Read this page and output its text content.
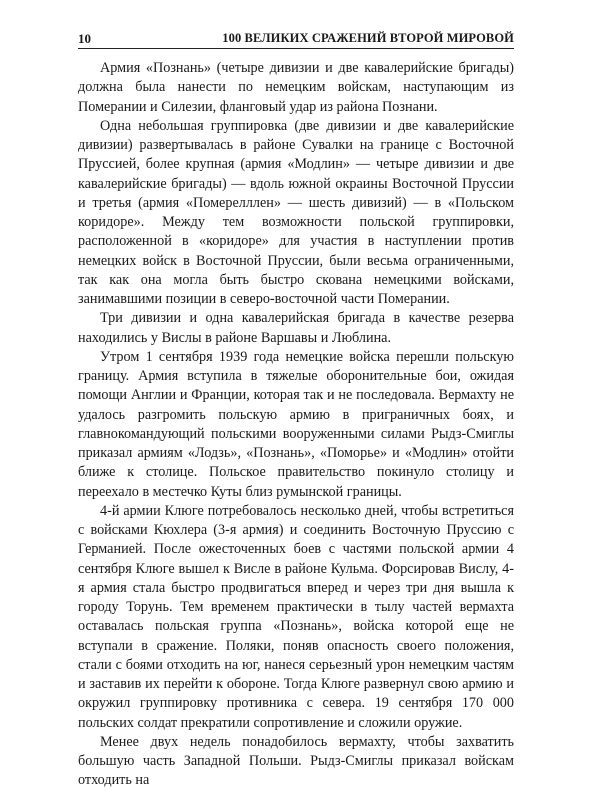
10	100 ВЕЛИКИХ СРАЖЕНИЙ ВТОРОЙ МИРОВОЙ

Армия «Познань» (четыре дивизии и две кавалерийские бригады) должна была нанести по немецким войскам, наступающим из Померании и Силезии, фланговый удар из района Познани.

Одна небольшая группировка (две дивизии и две кавалерийские дивизии) развертывалась в районе Сувалки на границе с Восточной Пруссией, более крупная (армия «Модлин» — четыре дивизии и две кавалерийские бригады) — вдоль южной окраины Восточной Пруссии и третья (армия «Померелллен» — шесть дивизий) — в «Польском коридоре». Между тем возможности польской группировки, расположенной в «коридоре» для участия в наступлении против немецких войск в Восточной Пруссии, были весьма ограниченными, так как она могла быть быстро скована немецкими войсками, занимавшими позиции в северо-восточной части Померании.

Три дивизии и одна кавалерийская бригада в качестве резерва находились у Вислы в районе Варшавы и Люблина.

Утром 1 сентября 1939 года немецкие войска перешли польскую границу. Армия вступила в тяжелые оборонительные бои, ожидая помощи Англии и Франции, которая так и не последовала. Вермахту не удалось разгромить польскую армию в приграничных боях, и главнокомандующий польскими вооруженными силами Рыдз-Смиглы приказал армиям «Лодзь», «Познань», «Поморье» и «Модлин» отойти ближе к столице. Польское правительство покинуло столицу и переехало в местечко Куты близ румынской границы.

4-й армии Клюге потребовалось несколько дней, чтобы встретиться с войсками Кюхлера (3-я армия) и соединить Восточную Пруссию с Германией. После ожесточенных боев с частями польской армии 4 сентября Клюге вышел к Висле в районе Кульма. Форсировав Вислу, 4-я армия стала быстро продвигаться вперед и через три дня вышла к городу Торунь. Тем временем практически в тылу частей вермахта оставалась польская группа «Познань», войска которой еще не вступали в сражение. Поляки, поняв опасность своего положения, стали с боями отходить на юг, нанеся серьезный урон немецким частям и заставив их перейти к обороне. Тогда Клюге развернул свою армию и окружил группировку противника с севера. 19 сентября 170 000 польских солдат прекратили сопротивление и сложили оружие.

Менее двух недель понадобилось вермахту, чтобы захватить большую часть Западной Польши. Рыдз-Смиглы приказал войскам отходить на
